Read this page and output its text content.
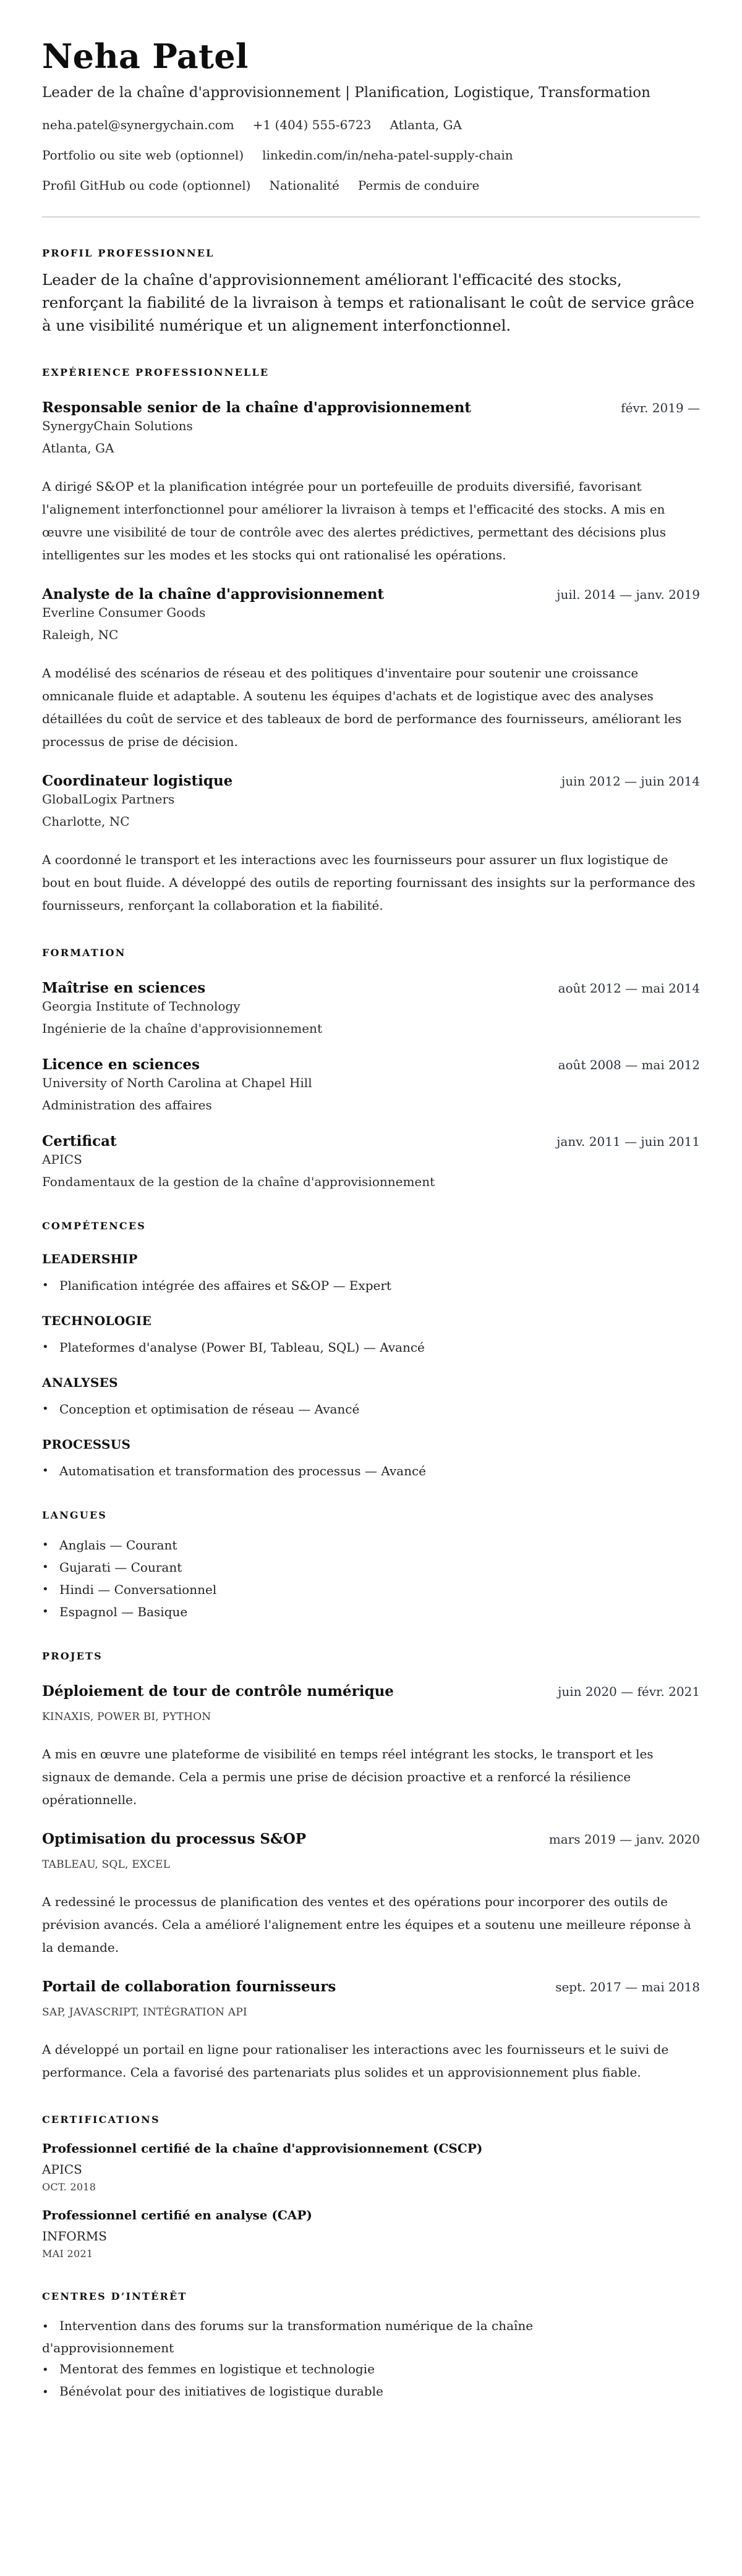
Neha Patel
Leader de la chaîne d'approvisionnement | Planification, Logistique, Transformation
neha.patel@synergychain.com +1 (404) 555-6723 Atlanta, GA
Portfolio ou site web (optionnel) linkedin.com/in/neha-patel-supply-chain
Profil GitHub ou code (optionnel) Nationalité Permis de conduire
PROFIL PROFESSIONNEL

Leader de la chaîne d'approvisionnement améliorant l'efficacité des stocks, renforçant la fiabilité de la livraison à temps et rationalisant le coût de service grâce à une visibilité numérique et un alignement interfonctionnel.

EXPÉRIENCE PROFESSIONNELLE
Responsable senior de la chaîne d'approvisionnement	févr. 2019 —
SynergyChain Solutions
Atlanta, GA

A dirigé S&OP et la planification intégrée pour un portefeuille de produits diversifié, favorisant l'alignement interfonctionnel pour améliorer la livraison à temps et l'efficacité des stocks. A mis en œuvre une visibilité de tour de contrôle avec des alertes prédictives, permettant des décisions plus intelligentes sur les modes et les stocks qui ont rationalisé les opérations.

Analyste de la chaîne d'approvisionnement	juil. 2014 — janv. 2019
Everline Consumer Goods
Raleigh, NC

A modélisé des scénarios de réseau et des politiques d'inventaire pour soutenir une croissance omnicanale fluide et adaptable. A soutenu les équipes d'achats et de logistique avec des analyses détaillées du coût de service et des tableaux de bord de performance des fournisseurs, améliorant les processus de prise de décision.

Coordinateur logistique	juin 2012 — juin 2014
GlobalLogix Partners
Charlotte, NC

A coordonné le transport et les interactions avec les fournisseurs pour assurer un flux logistique de bout en bout fluide. A développé des outils de reporting fournissant des insights sur la performance des fournisseurs, renforçant la collaboration et la fiabilité.

FORMATION
Maîtrise en sciences	août 2012 — mai 2014
Georgia Institute of Technology
Ingénierie de la chaîne d'approvisionnement
Licence en sciences	août 2008 — mai 2012
University of North Carolina at Chapel Hill
Administration des affaires
Certificat	janv. 2011 — juin 2011
APICS
Fondamentaux de la gestion de la chaîne d'approvisionnement
COMPÉTENCES
LEADERSHIP
• Planification intégrée des affaires et S&OP — Expert
TECHNOLOGIE
• Plateformes d'analyse (Power BI, Tableau, SQL) — Avancé
ANALYSES
• Conception et optimisation de réseau — Avancé
PROCESSUS
• Automatisation et transformation des processus — Avancé
LANGUES
• Anglais — Courant
• Gujarati — Courant
• Hindi — Conversationnel
• Espagnol — Basique
PROJETS
Déploiement de tour de contrôle numérique	juin 2020 — févr. 2021
KINAXIS, POWER BI, PYTHON

A mis en œuvre une plateforme de visibilité en temps réel intégrant les stocks, le transport et les signaux de demande. Cela a permis une prise de décision proactive et a renforcé la résilience opérationnelle.

Optimisation du processus S&OP	mars 2019 — janv. 2020
TABLEAU, SQL, EXCEL

A redessiné le processus de planification des ventes et des opérations pour incorporer des outils de prévision avancés. Cela a amélioré l'alignement entre les équipes et a soutenu une meilleure réponse à la demande.

Portail de collaboration fournisseurs	sept. 2017 — mai 2018
SAP, JAVASCRIPT, INTÉGRATION API

A développé un portail en ligne pour rationaliser les interactions avec les fournisseurs et le suivi de performance. Cela a favorisé des partenariats plus solides et un approvisionnement plus fiable.

CERTIFICATIONS
Professionnel certifié de la chaîne d'approvisionnement (CSCP)
APICS
OCT. 2018
Professionnel certifié en analyse (CAP)
INFORMS
MAI 2021
CENTRES D’INTÉRÊT
• Intervention dans des forums sur la transformation numérique de la chaîne d'approvisionnement
• Mentorat des femmes en logistique et technologie
• Bénévolat pour des initiatives de logistique durable
